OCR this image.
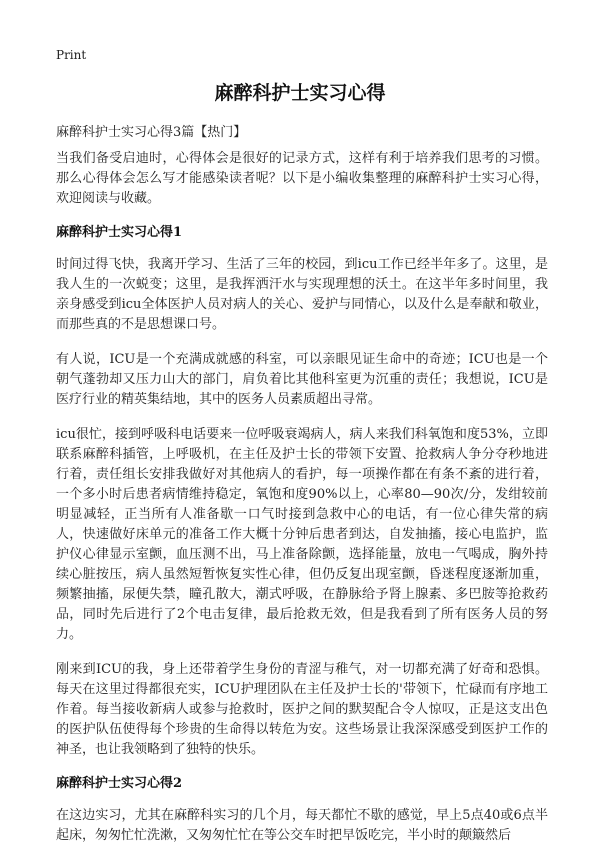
Print
麻醉科护士实习心得
麻醉科护士实习心得3篇【热门】

当我们备受启迪时，心得体会是很好的记录方式，这样有利于培养我们思考的习惯。那么心得体会怎么写才能感染读者呢？以下是小编收集整理的麻醉科护士实习心得，欢迎阅读与收藏。

麻醉科护士实习心得1

时间过得飞快，我离开学习、生活了三年的校园，到icu工作已经半年多了。这里，是我人生的一次蜕变；这里，是我挥洒汗水与实现理想的沃土。在这半年多时间里，我亲身感受到icu全体医护人员对病人的关心、爱护与同情心，以及什么是奉献和敬业，而那些真的不是思想课口号。

有人说，ICU是一个充满成就感的科室，可以亲眼见证生命中的奇迹；ICU也是一个朝气蓬勃却又压力山大的部门，肩负着比其他科室更为沉重的责任；我想说，ICU是医疗行业的精英集结地，其中的医务人员素质超出寻常。

icu很忙，接到呼吸科电话要来一位呼吸衰竭病人，病人来我们科氧饱和度53%，立即联系麻醉科插管，上呼吸机，在主任及护士长的带领下安置、抢救病人争分夺秒地进行着，责任组长安排我做好对其他病人的看护，每一项操作都在有条不紊的进行着，一个多小时后患者病情维持稳定，氧饱和度90%以上，心率80—90次/分，发绀较前明显减轻，正当所有人准备歇一口气时接到急救中心的电话，有一位心律失常的病人，快速做好床单元的准备工作大概十分钟后患者到达，自发抽搐，接心电监护，监护仪心律显示室颤，血压测不出，马上准备除颤，选择能量，放电一气喝成，胸外持续心脏按压，病人虽然短暂恢复实性心律，但仍反复出现室颤，昏迷程度逐渐加重，频繁抽搐，尿便失禁，瞳孔散大，潮式呼吸，在静脉给予肾上腺素、多巴胺等抢救药品，同时先后进行了2个电击复律，最后抢救无效，但是我看到了所有医务人员的努力。

刚来到ICU的我，身上还带着学生身份的青涩与稚气，对一切都充满了好奇和恐惧。每天在这里过得都很充实，ICU护理团队在主任及护士长的'带领下，忙碌而有序地工作着。每当接收新病人或参与抢救时，医护之间的默契配合令人惊叹，正是这支出色的医护队伍使得每个珍贵的生命得以转危为安。这些场景让我深深感受到医护工作的神圣，也让我领略到了独特的快乐。

麻醉科护士实习心得2

在这边实习，尤其在麻醉科实习的几个月，每天都忙不歇的感觉，早上5点40或6点半起床，匆匆忙忙洗漱，又匆匆忙忙在等公交车时把早饭吃完，半小时的颠簸然后
